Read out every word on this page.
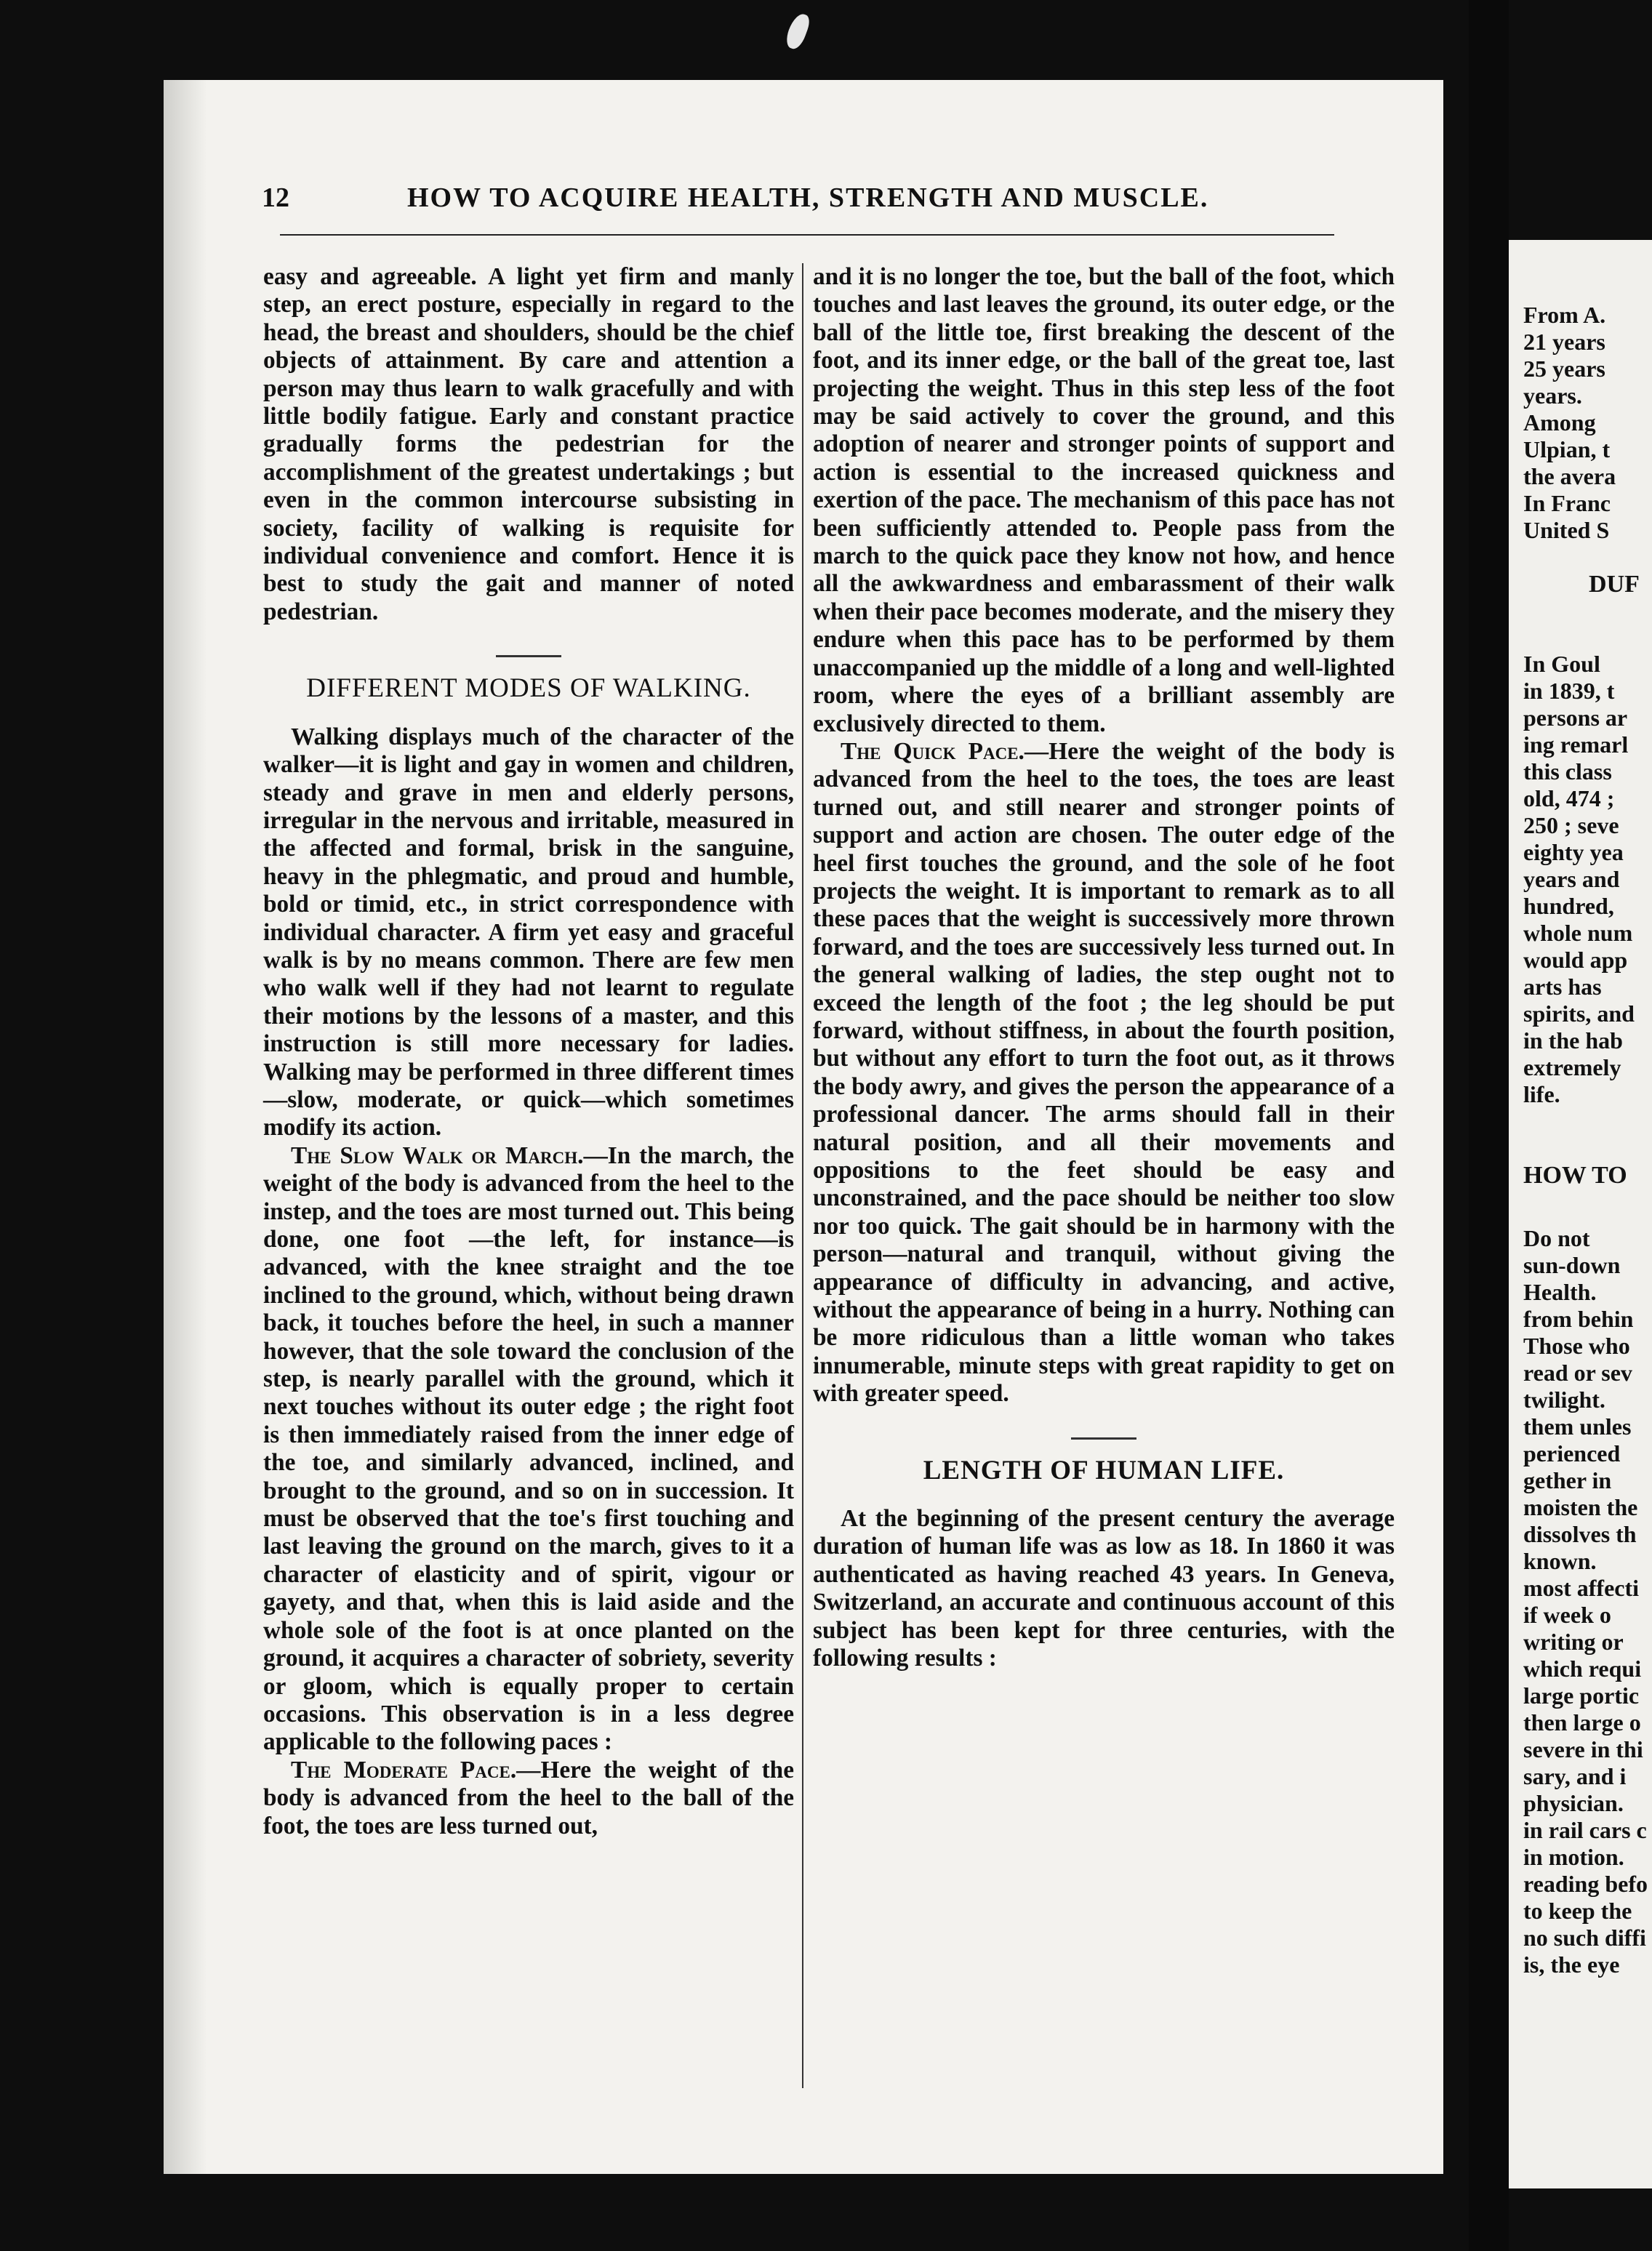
12	HOW TO ACQUIRE HEALTH, STRENGTH AND MUSCLE.

easy and agreeable. A light yet firm and manly step, an erect posture, especially in regard to the head, the breast and shoulders, should be the chief objects of attainment. By care and attention a person may thus learn to walk gracefully and with little bodily fatigue. Early and constant practice gradually forms the pedestrian for the accomplishment of the greatest undertakings ; but even in the common intercourse subsisting in society, facility of walking is requisite for individual convenience and comfort. Hence it is best to study the gait and manner of noted pedestrian.

DIFFERENT MODES OF WALKING.

Walking displays much of the character of the walker—it is light and gay in women and children, steady and grave in men and elderly persons, irregular in the nervous and irritable, measured in the affected and formal, brisk in the sanguine, heavy in the phlegmatic, and proud and humble, bold or timid, etc., in strict correspondence with individual character. A firm yet easy and graceful walk is by no means common. There are few men who walk well if they had not learnt to regulate their motions by the lessons of a master, and this instruction is still more necessary for ladies. Walking may be performed in three different times—slow, moderate, or quick—which sometimes modify its action.

The Slow Walk or March.—In the march, the weight of the body is advanced from the heel to the instep, and the toes are most turned out. This being done, one foot —the left, for instance—is advanced, with the knee straight and the toe inclined to the ground, which, without being drawn back, it touches before the heel, in such a manner however, that the sole toward the conclusion of the step, is nearly parallel with the ground, which it next touches without its outer edge ; the right foot is then immediately raised from the inner edge of the toe, and similarly advanced, inclined, and brought to the ground, and so on in succession. It must be observed that the toe's first touching and last leaving the ground on the march, gives to it a character of elasticity and of spirit, vigour or gayety, and that, when this is laid aside and the whole sole of the foot is at once planted on the ground, it acquires a character of sobriety, severity or gloom, which is equally proper to certain occasions. This observation is in a less degree applicable to the following paces :

The Moderate Pace.—Here the weight of the body is advanced from the heel to the ball of the foot, the toes are less turned out,

and it is no longer the toe, but the ball of the foot, which touches and last leaves the ground, its outer edge, or the ball of the little toe, first breaking the descent of the foot, and its inner edge, or the ball of the great toe, last projecting the weight. Thus in this step less of the foot may be said actively to cover the ground, and this adoption of nearer and stronger points of support and action is essential to the increased quickness and exertion of the pace. The mechanism of this pace has not been sufficiently attended to. People pass from the march to the quick pace they know not how, and hence all the awkwardness and embarassment of their walk when their pace becomes moderate, and the misery they endure when this pace has to be performed by them unaccompanied up the middle of a long and well-lighted room, where the eyes of a brilliant assembly are exclusively directed to them.

The Quick Pace.—Here the weight of the body is advanced from the heel to the toes, the toes are least turned out, and still nearer and stronger points of support and action are chosen. The outer edge of the heel first touches the ground, and the sole of he foot projects the weight. It is important to remark as to all these paces that the weight is successively more thrown forward, and the toes are successively less turned out. In the general walking of ladies, the step ought not to exceed the length of the foot ; the leg should be put forward, without stiffness, in about the fourth position, but without any effort to turn the foot out, as it throws the body awry, and gives the person the appearance of a professional dancer. The arms should fall in their natural position, and all their movements and oppositions to the feet should be easy and unconstrained, and the pace should be neither too slow nor too quick. The gait should be in harmony with the person—natural and tranquil, without giving the appearance of difficulty in advancing, and active, without the appearance of being in a hurry. Nothing can be more ridiculous than a little woman who takes innumerable, minute steps with great rapidity to get on with greater speed.

LENGTH OF HUMAN LIFE.

At the beginning of the present century the average duration of human life was as low as 18. In 1860 it was authenticated as having reached 43 years. In Geneva, Switzerland, an accurate and continuous account of this subject has been kept for three centuries, with the following results :

From A.
21 years
25 years
years.
Among
Ulpian, t
the avera
In Franc
United S
DUF
In Goul
in 1839, t
persons ar
ing remarl
this class
old, 474 ;
250 ; seve
eighty yea
years and
hundred,
whole num
would app
arts has
spirits, and
in the hab
extremely
life.
HOW TO
Do not
sun-down
Health.
from behin
Those who
read or sev
twilight.
them unles
perienced
gether in
moisten the
dissolves th
known.
most affecti
if week o
writing or
which requi
large portic
then large o
severe in thi
sary, and i
physician.
in rail cars c
in motion.
reading befo
to keep the
no such diffi
is, the eye
